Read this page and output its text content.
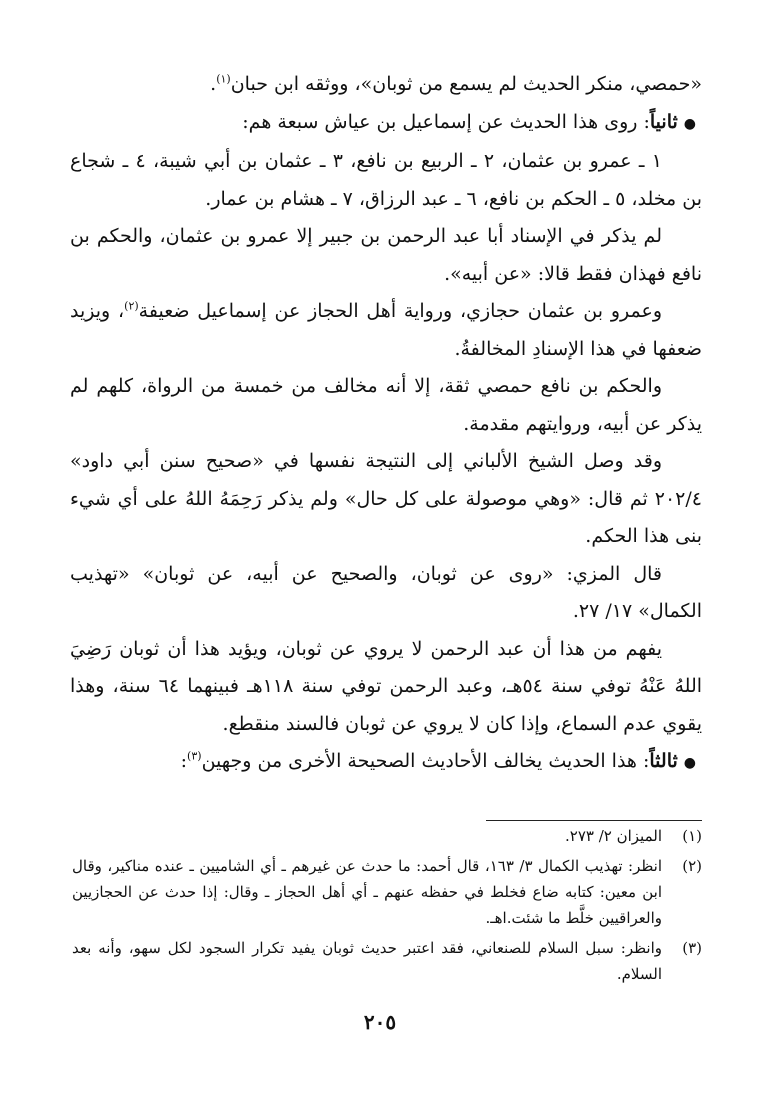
«حمصي، منكر الحديث لم يسمع من ثوبان»، ووثقه ابن حبان$^{(١)}$.

●ثانياً: روى هذا الحديث عن إسماعيل بن عياش سبعة هم:

١ ـ عمرو بن عثمان، ٢ ـ الربيع بن نافع، ٣ ـ عثمان بن أبي شيبة، ٤ ـ شجاع بن مخلد، ٥ ـ الحكم بن نافع، ٦ ـ عبد الرزاق، ٧ ـ هشام بن عمار.

لم يذكر في الإسناد أبا عبد الرحمن بن جبير إلا عمرو بن عثمان، والحكم بن نافع فهذان فقط قالا: «عن أبيه».

وعمرو بن عثمان حجازي، ورواية أهل الحجاز عن إسماعيل ضعيفة$^{(٢)}$، ويزيد ضعفها في هذا الإسنادِ المخالفةُ.

والحكم بن نافع حمصي ثقة، إلا أنه مخالف من خمسة من الرواة، كلهم لم يذكر عن أبيه، وروايتهم مقدمة.

وقد وصل الشيخ الألباني إلى النتيجة نفسها في «صحيح سنن أبي داود» ٢٠٢/٤ ثم قال: «وهي موصولة على كل حال» ولم يذكر رَحِمَهُ اللهُ على أي شيء بنى هذا الحكم.

قال المزي: «روى عن ثوبان، والصحيح عن أبيه، عن ثوبان» «تهذيب الكمال» ١٧/ ٢٧.

يفهم من هذا أن عبد الرحمن لا يروي عن ثوبان، ويؤيد هذا أن ثوبان رَضِيَ اللهُ عَنْهُ توفي سنة ٥٤هـ، وعبد الرحمن توفي سنة ١١٨هـ فبينهما ٦٤ سنة، وهذا يقوي عدم السماع، وإذا كان لا يروي عن ثوبان فالسند منقطع.

●ثالثاً: هذا الحديث يخالف الأحاديث الصحيحة الأخرى من وجهين$^{(٣)}$:

(١)

الميزان ٢/ ٢٧٣.

(٢)

انظر: تهذيب الكمال ٣/ ١٦٣، قال أحمد: ما حدث عن غيرهم ـ أي الشاميين ـ عنده مناكير، وقال ابن معين: كتابه ضاع فخلط في حفظه عنهم ـ أي أهل الحجاز ـ وقال: إذا حدث عن الحجازيين والعراقيين خلَّط ما شئت.اهـ.

(٣)

وانظر: سبل السلام للصنعاني، فقد اعتبر حديث ثوبان يفيد تكرار السجود لكل سهو، وأنه بعد السلام.

٢٠٥
